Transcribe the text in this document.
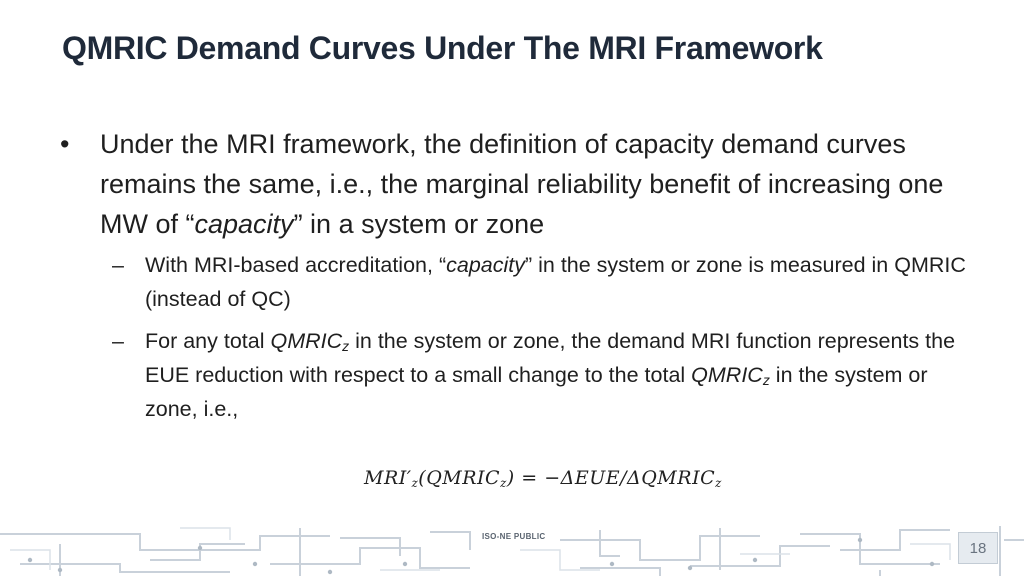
QMRIC Demand Curves Under The MRI Framework
• Under the MRI framework, the definition of capacity demand curves remains the same, i.e., the marginal reliability benefit of increasing one MW of “capacity” in a system or zone
– With MRI-based accreditation, “capacity” in the system or zone is measured in QMRIC (instead of QC)
– For any total $QMRIC_z$ in the system or zone, the demand MRI function represents the EUE reduction with respect to a small change to the total $QMRIC_z$ in the system or zone, i.e.,
$MRI'_z(QMRIC_z)$ = $-\Delta EUE/\Delta QMRIC_z$
ISO-NE PUBLIC
18
